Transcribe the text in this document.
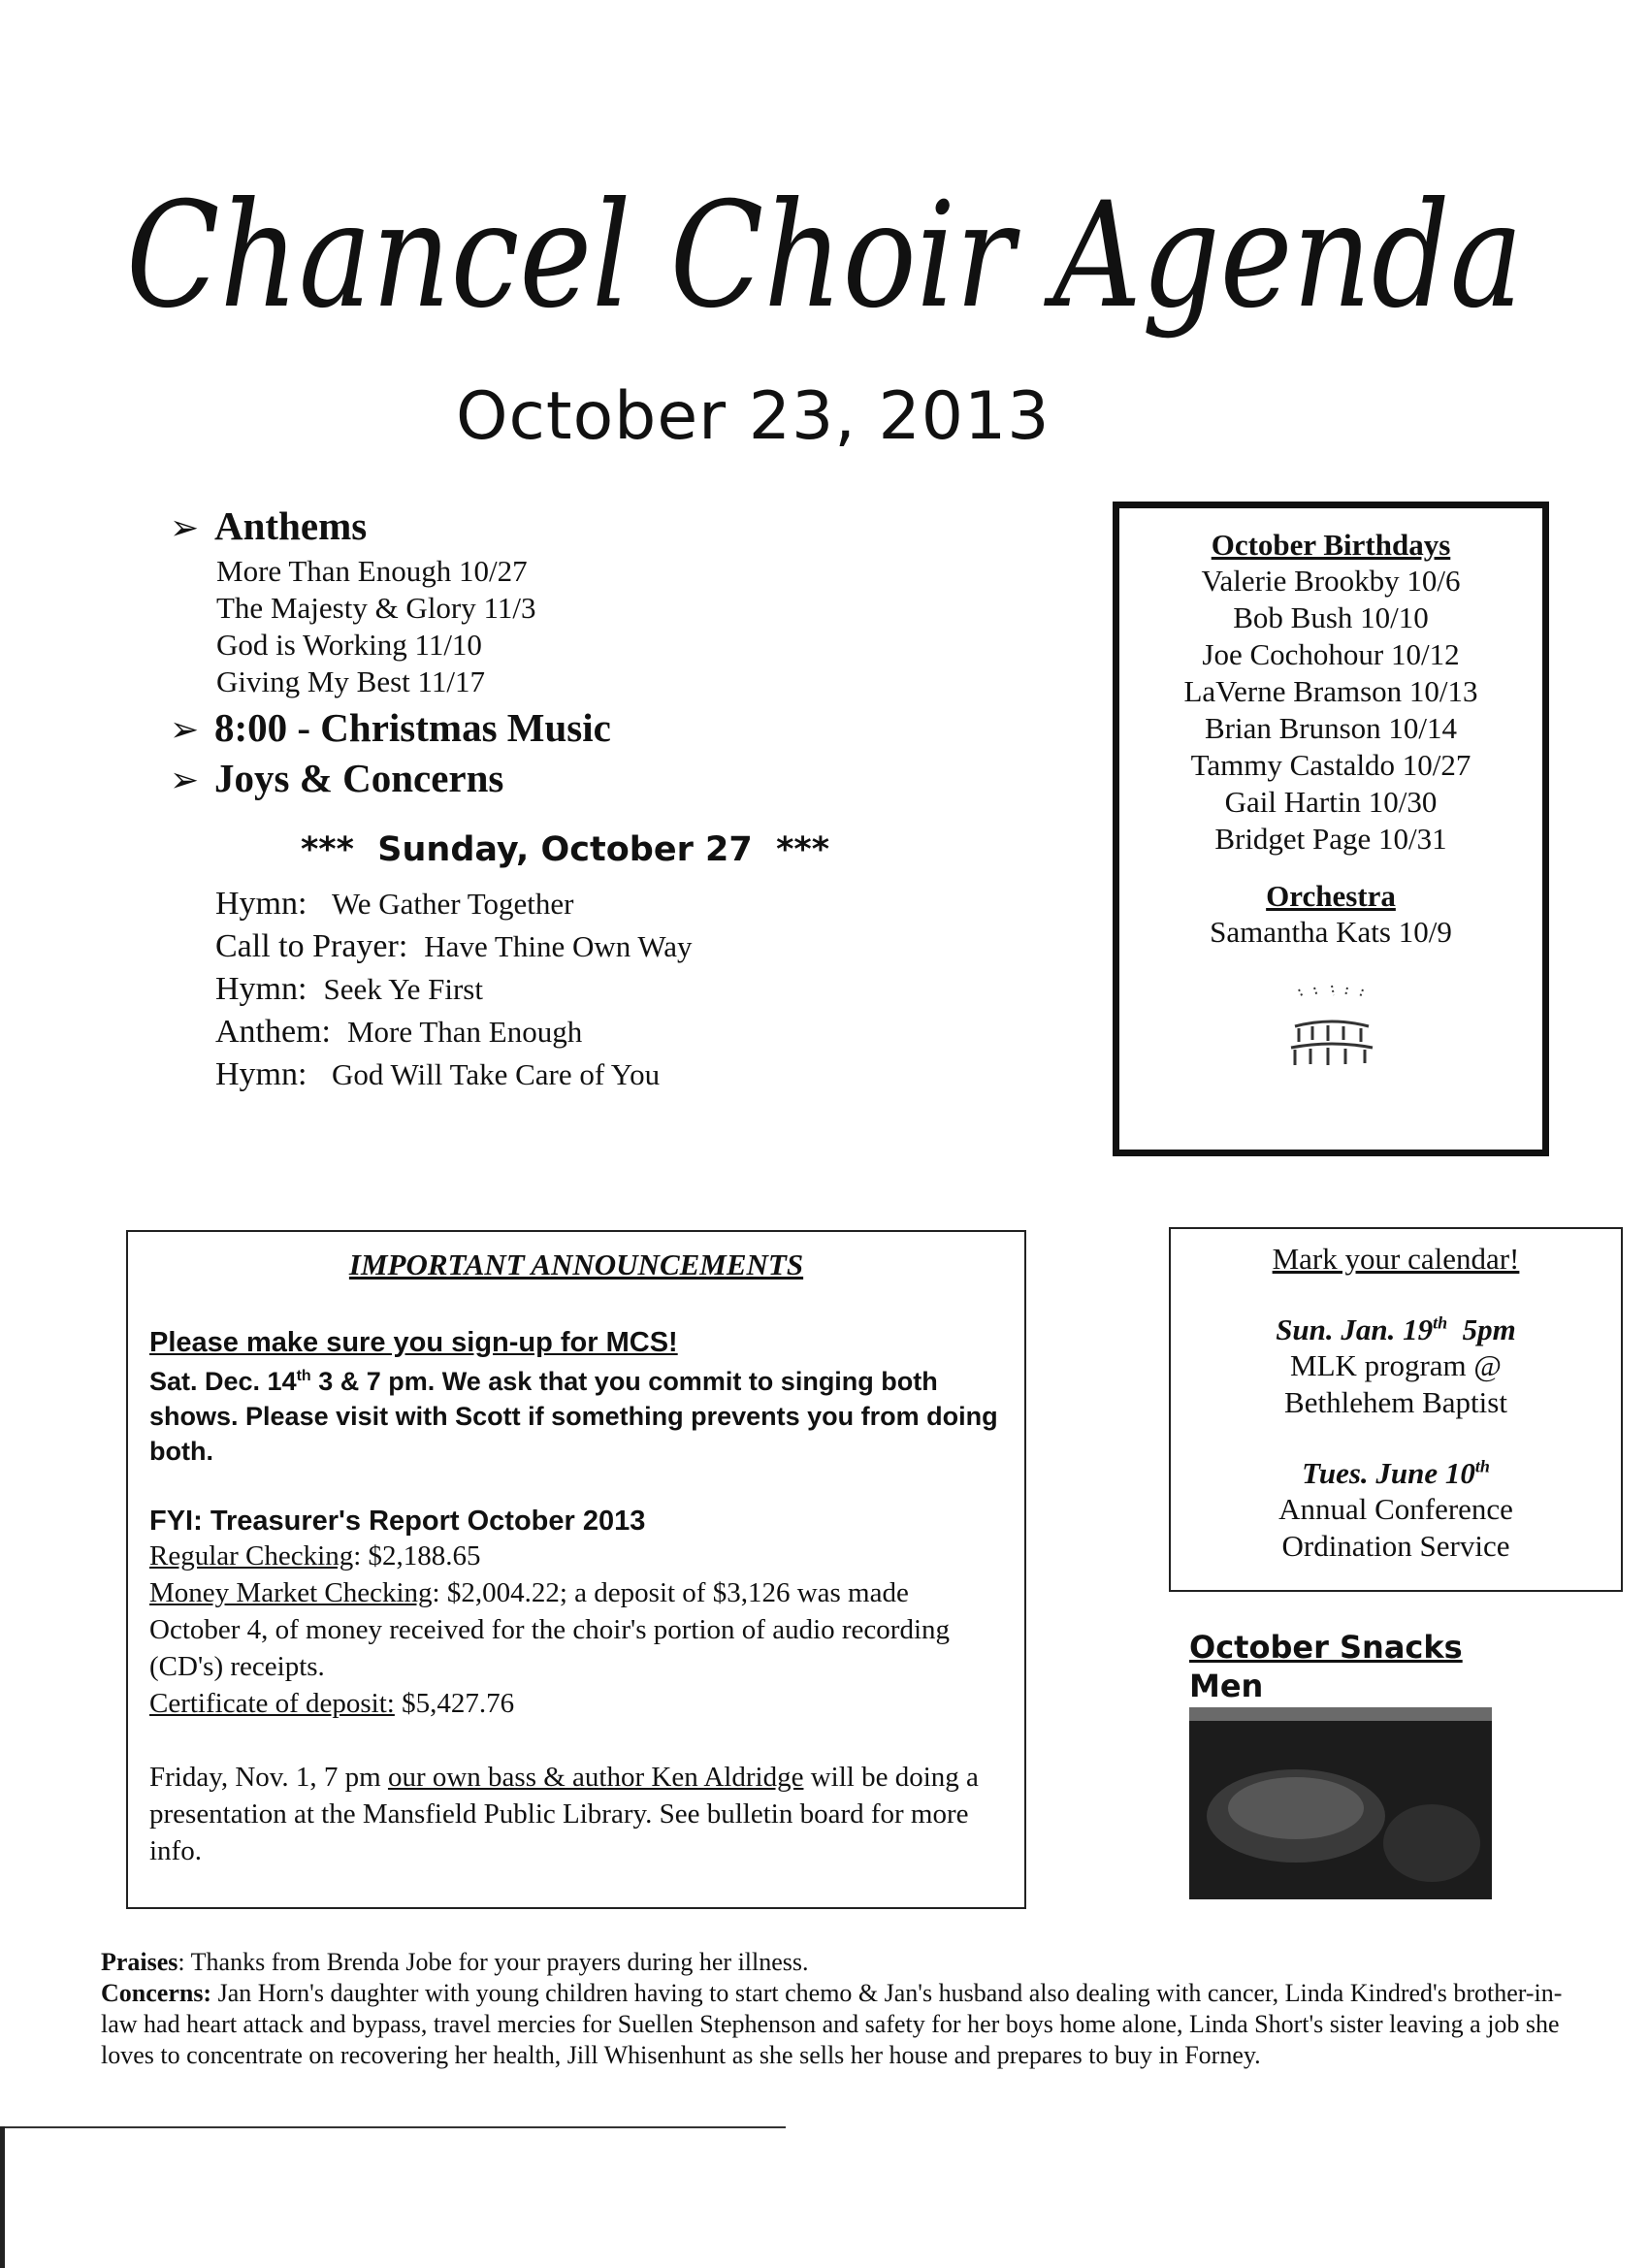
Chancel Choir Agenda
October 23, 2013
➢ Anthems
More Than Enough 10/27
The Majesty & Glory 11/3
God is Working 11/10
Giving My Best 11/17
➢ 8:00 - Christmas Music
➢ Joys & Concerns
***  Sunday, October 27  ***
Hymn: We Gather Together
Call to Prayer: Have Thine Own Way
Hymn: Seek Ye First
Anthem: More Than Enough
Hymn: God Will Take Care of You
October Birthdays
Valerie Brookby 10/6
Bob Bush 10/10
Joe Cochohour 10/12
LaVerne Bramson 10/13
Brian Brunson 10/14
Tammy Castaldo 10/27
Gail Hartin 10/30
Bridget Page 10/31
Orchestra
Samantha Kats 10/9
IMPORTANT ANNOUNCEMENTS
Please make sure you sign-up for MCS!
Sat. Dec. 14th 3 & 7 pm. We ask that you commit to singing both shows. Please visit with Scott if something prevents you from doing both.
FYI: Treasurer's Report October 2013
Regular Checking: $2,188.65
Money Market Checking: $2,004.22; a deposit of $3,126 was made October 4, of money received for the choir's portion of audio recording (CD's) receipts.
Certificate of deposit: $5,427.76
Friday, Nov. 1, 7 pm our own bass & author Ken Aldridge will be doing a presentation at the Mansfield Public Library. See bulletin board for more info.
Mark your calendar!
Sun. Jan. 19th  5pm
MLK program @
Bethlehem Baptist
Tues. June 10th
Annual Conference
Ordination Service
October Snacks
Men
Praises: Thanks from Brenda Jobe for your prayers during her illness.
Concerns: Jan Horn's daughter with young children having to start chemo & Jan's husband also dealing with cancer, Linda Kindred's brother-in-law had heart attack and bypass, travel mercies for Suellen Stephenson and safety for her boys home alone, Linda Short's sister leaving a job she loves to concentrate on recovering her health, Jill Whisenhunt as she sells her house and prepares to buy in Forney.
